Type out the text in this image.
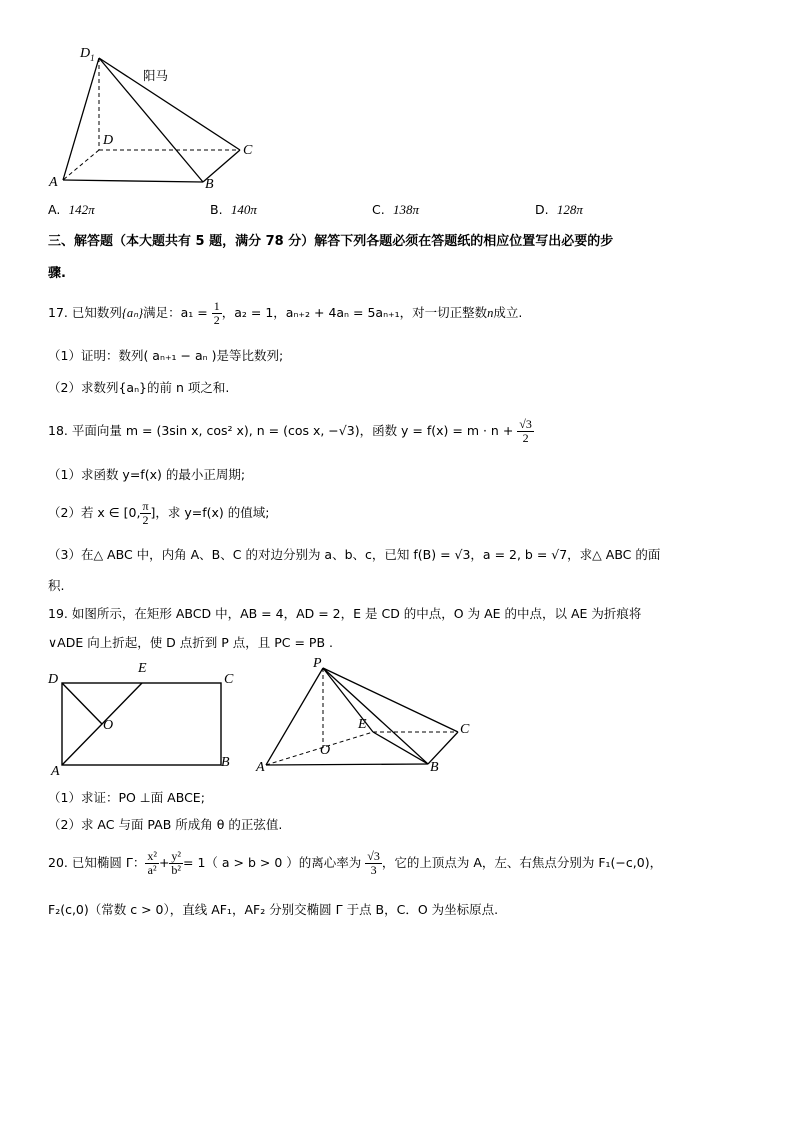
$D_1$
阳马
D
C
A	B
A. 142π	B. 140π	C. 138π	D. 128π
三、解答题（本大题共有 5 题，满分 78 分）解答下列各题必须在答题纸的相应位置写出必要的步
骤.
17. 已知数列{aₙ}满足：$a_1 = \frac{1}{2}$ ，a₂ = 1，aₙ₊₂ + 4aₙ = 5aₙ₊₁，对一切正整数n成立.
（1）证明：数列( aₙ₊₁ − aₙ )是等比数列;
（2）求数列{aₙ}的前 n 项之和.
18. 平面向量 m = (3sin x, cos² x), n = (cos x, −√3)，函数 $y = f(x) = m \cdot n + \frac{√3}{2}$
（1）求函数 y=f(x) 的最小正周期;
（2）若 x ∈ [0, $\frac{\pi}{2}$ ]，求 y=f(x) 的值域;
（3）在△ ABC 中，内角 A、B、C 的对边分别为 a、b、c，已知 f(B) = √3，a = 2, b = √7，求△ ABC 的面
积.
19. 如图所示，在矩形 ABCD 中，AB = 4，AD = 2，E 是 CD 的中点，O 为 AE 的中点，以 AE 为折痕将
∨ADE 向上折起，使 D 点折到 P 点，且 PC = PB .
D
E
C
O
A
B
P
E	C
O
A	B
（1）求证：PO ⊥面 ABCE;
（2）求 AC 与面 PAB 所成角 θ 的正弦值.
20. 已知椭圆 Γ： $\frac{\text{x²}}{\text{a²}} + \frac{\text{y²}}{\text{b²}} = 1$（ a > b > 0 ）的离心率为 $\frac{√3}{3}$ ，它的上顶点为 A，左、右焦点分别为 F₁(−c,0)，
F₂(c,0)（常数 c > 0），直线 AF₁，AF₂ 分别交椭圆 Γ 于点 B，C．O 为坐标原点.
